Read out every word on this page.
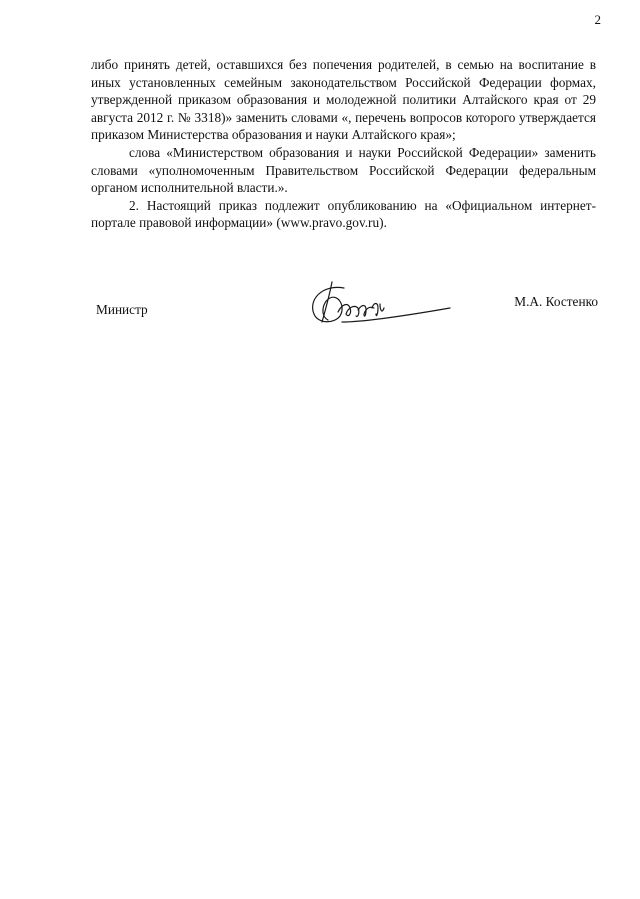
2

либо принять детей, оставшихся без попечения родителей, в семью на воспитание в иных установленных семейным законодательством Российской Федерации формах, утвержденной приказом образования и молодежной политики Алтайского края от 29 августа 2012 г. № 3318)» заменить словами «, перечень вопросов которого утверждается приказом Министерства образования и науки Алтайского края»;

слова «Министерством образования и науки Российской Федерации» заменить словами «уполномоченным Правительством Российской Федерации федеральным органом исполнительной власти.».

2. Настоящий приказ подлежит опубликованию на «Официальном интернет-портале правовой информации» (www.pravo.gov.ru).

Министр
М.А. Костенко
